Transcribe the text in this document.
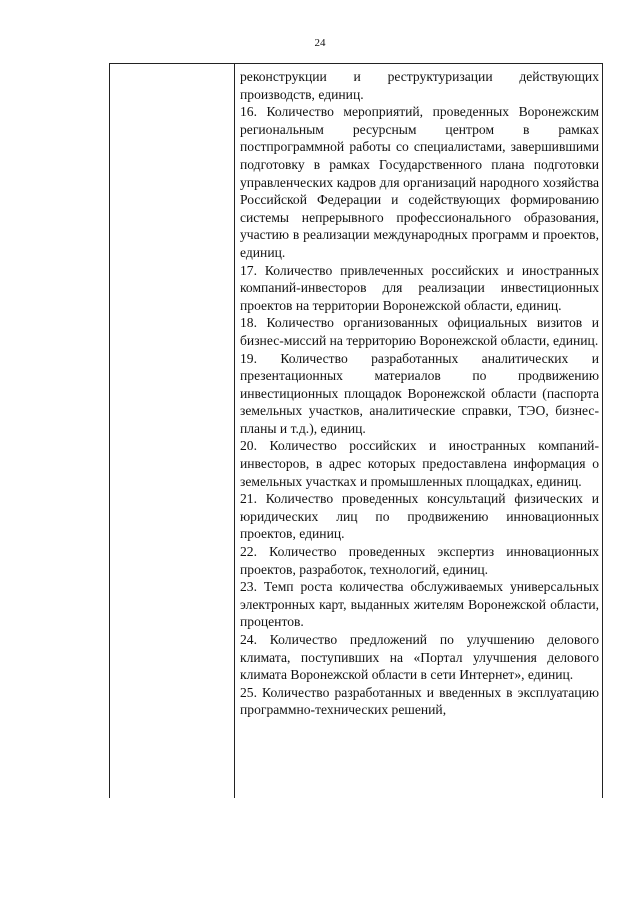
24

реконструкции и реструктуризации действующих производств, единиц.

16. Количество мероприятий, проведенных Воронежским региональным ресурсным центром в рамках постпрограммной работы со специалистами, завершившими подготовку в рамках Государственного плана подготовки управленческих кадров для организаций народного хозяйства Российской Федерации и содействующих формированию системы непрерывного профессионального образования, участию в реализации международных программ и проектов, единиц.

17. Количество привлеченных российских и иностранных компаний-инвесторов для реализации инвестиционных проектов на территории Воронежской области, единиц.

18. Количество организованных официальных визитов и бизнес-миссий на территорию Воронежской области, единиц.

19. Количество разработанных аналитических и презентационных материалов по продвижению инвестиционных площадок Воронежской области (паспорта земельных участков, аналитические справки, ТЭО, бизнес-планы и т.д.), единиц.

20. Количество российских и иностранных компаний-инвесторов, в адрес которых предоставлена информация о земельных участках и промышленных площадках, единиц.

21. Количество проведенных консультаций физических и юридических лиц по продвижению инновационных проектов, единиц.

22. Количество проведенных экспертиз инновационных проектов, разработок, технологий, единиц.

23. Темп роста количества обслуживаемых универсальных электронных карт, выданных жителям Воронежской области, процентов.

24. Количество предложений по улучшению делового климата, поступивших на «Портал улучшения делового климата Воронежской области в сети Интернет», единиц.

25. Количество разработанных и введенных в эксплуатацию программно-технических решений,
